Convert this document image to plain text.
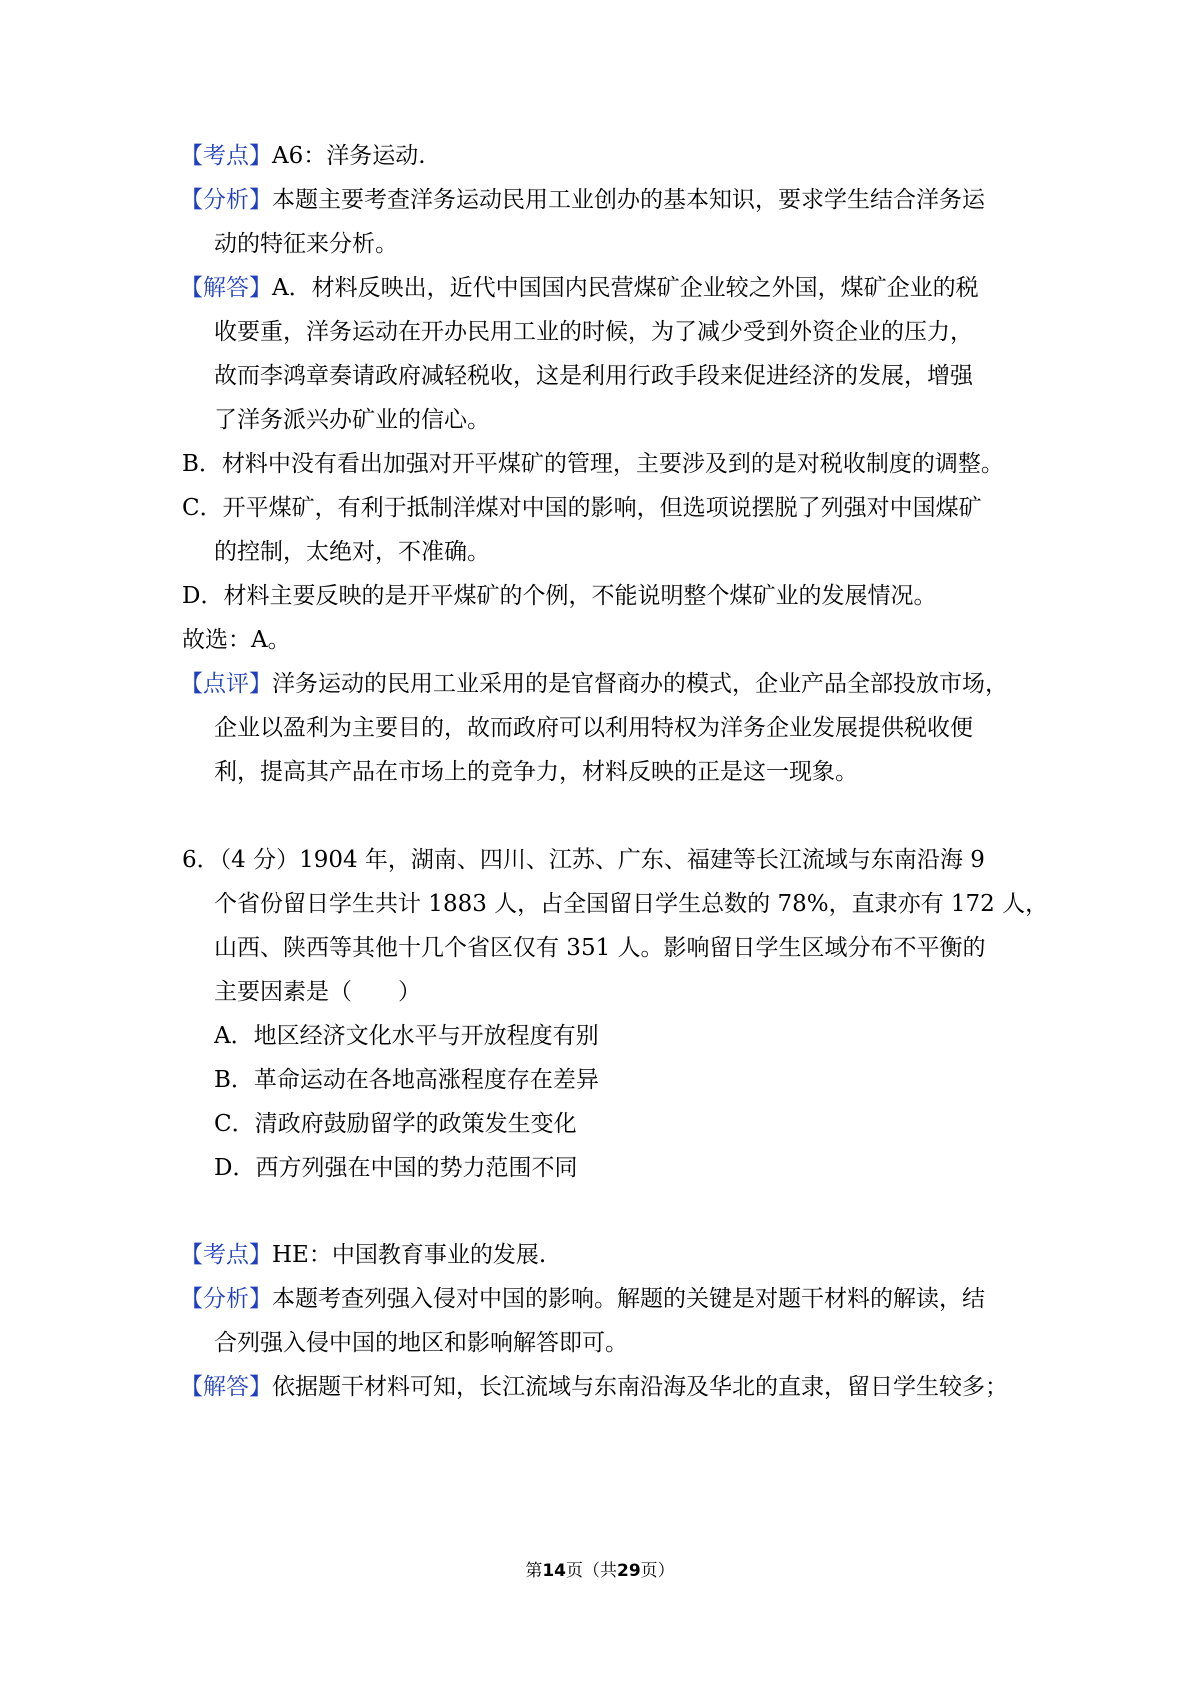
【考点】A6：洋务运动.
【分析】本题主要考查洋务运动民用工业创办的基本知识，要求学生结合洋务运
动的特征来分析。
【解答】A．材料反映出，近代中国国内民营煤矿企业较之外国，煤矿企业的税
收要重，洋务运动在开办民用工业的时候，为了减少受到外资企业的压力，
故而李鸿章奏请政府减轻税收，这是利用行政手段来促进经济的发展，增强
了洋务派兴办矿业的信心。
B．材料中没有看出加强对开平煤矿的管理，主要涉及到的是对税收制度的调整。
C．开平煤矿，有利于抵制洋煤对中国的影响，但选项说摆脱了列强对中国煤矿
的控制，太绝对，不准确。
D．材料主要反映的是开平煤矿的个例，不能说明整个煤矿业的发展情况。
故选：A。
【点评】洋务运动的民用工业采用的是官督商办的模式，企业产品全部投放市场，
企业以盈利为主要目的，故而政府可以利用特权为洋务企业发展提供税收便
利，提高其产品在市场上的竞争力，材料反映的正是这一现象。
6．（4 分）1904 年，湖南、四川、江苏、广东、福建等长江流域与东南沿海 9
个省份留日学生共计 1883 人，占全国留日学生总数的 78%，直隶亦有 172 人，
山西、陕西等其他十几个省区仅有 351 人。影响留日学生区域分布不平衡的
主要因素是（　　）
A．地区经济文化水平与开放程度有别
B．革命运动在各地高涨程度存在差异
C．清政府鼓励留学的政策发生变化
D．西方列强在中国的势力范围不同
【考点】HE：中国教育事业的发展.
【分析】本题考查列强入侵对中国的影响。解题的关键是对题干材料的解读，结
合列强入侵中国的地区和影响解答即可。
【解答】依据题干材料可知，长江流域与东南沿海及华北的直隶，留日学生较多；
第14页（共29页）
